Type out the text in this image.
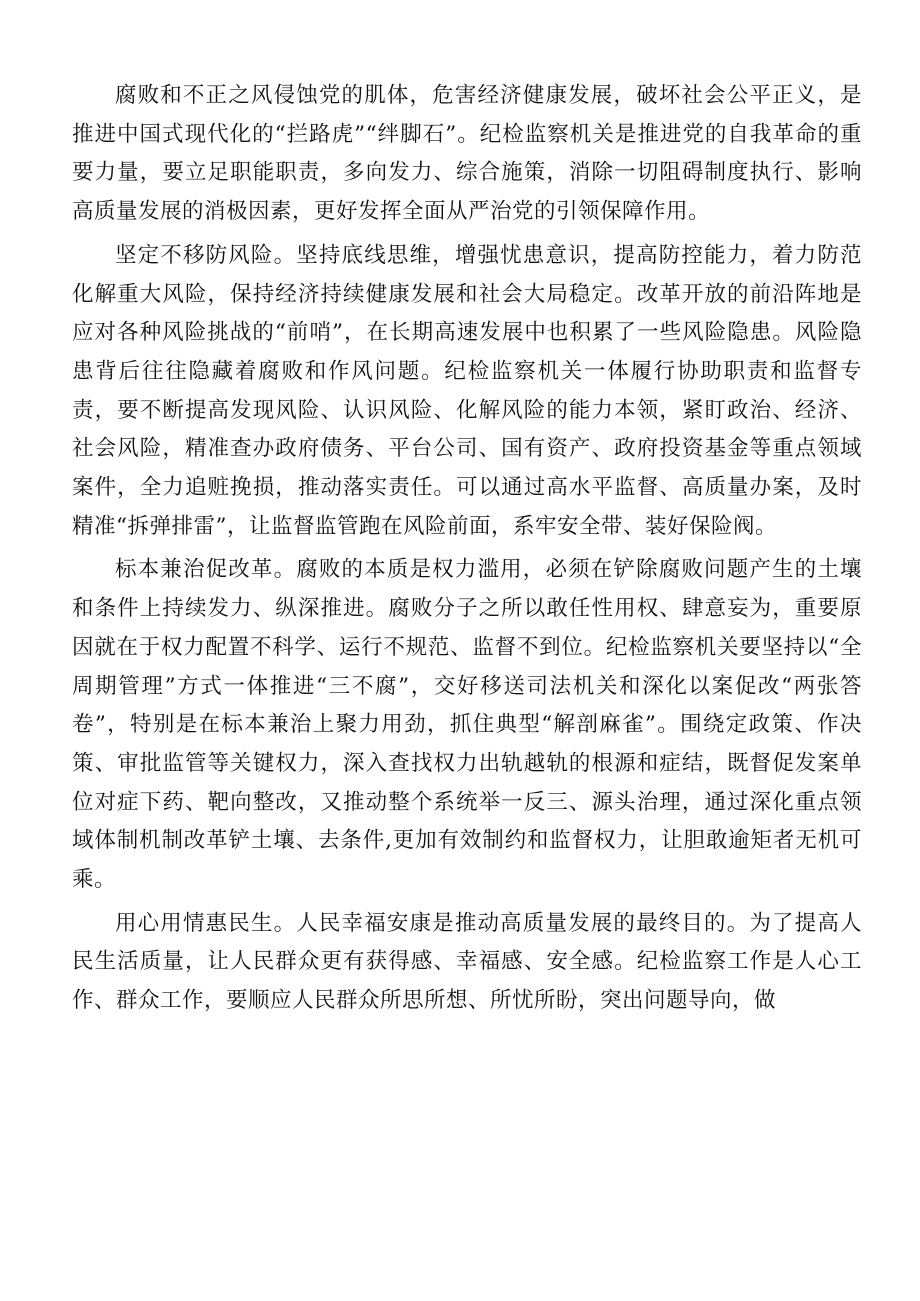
腐败和不正之风侵蚀党的肌体，危害经济健康发展，破坏社会公平正义，是推进中国式现代化的“拦路虎”“绊脚石”。纪检监察机关是推进党的自我革命的重要力量，要立足职能职责，多向发力、综合施策，消除一切阻碍制度执行、影响高质量发展的消极因素，更好发挥全面从严治党的引领保障作用。

坚定不移防风险。坚持底线思维，增强忧患意识，提高防控能力，着力防范化解重大风险，保持经济持续健康发展和社会大局稳定。改革开放的前沿阵地是应对各种风险挑战的“前哨”，在长期高速发展中也积累了一些风险隐患。风险隐患背后往往隐藏着腐败和作风问题。纪检监察机关一体履行协助职责和监督专责，要不断提高发现风险、认识风险、化解风险的能力本领，紧盯政治、经济、社会风险，精准查办政府债务、平台公司、国有资产、政府投资基金等重点领域案件，全力追赃挽损，推动落实责任。可以通过高水平监督、高质量办案，及时精准“拆弹排雷”，让监督监管跑在风险前面，系牢安全带、装好保险阀。

标本兼治促改革。腐败的本质是权力滥用，必须在铲除腐败问题产生的土壤和条件上持续发力、纵深推进。腐败分子之所以敢任性用权、肆意妄为，重要原因就在于权力配置不科学、运行不规范、监督不到位。纪检监察机关要坚持以“全周期管理”方式一体推进“三不腐”，交好移送司法机关和深化以案促改“两张答卷”，特别是在标本兼治上聚力用劲，抓住典型“解剖麻雀”。围绕定政策、作决策、审批监管等关键权力，深入查找权力出轨越轨的根源和症结，既督促发案单位对症下药、靶向整改，又推动整个系统举一反三、源头治理，通过深化重点领域体制机制改革铲土壤、去条件,更加有效制约和监督权力，让胆敢逾矩者无机可乘。

用心用情惠民生。人民幸福安康是推动高质量发展的最终目的。为了提高人民生活质量，让人民群众更有获得感、幸福感、安全感。纪检监察工作是人心工作、群众工作，要顺应人民群众所思所想、所忧所盼，突出问题导向，做
